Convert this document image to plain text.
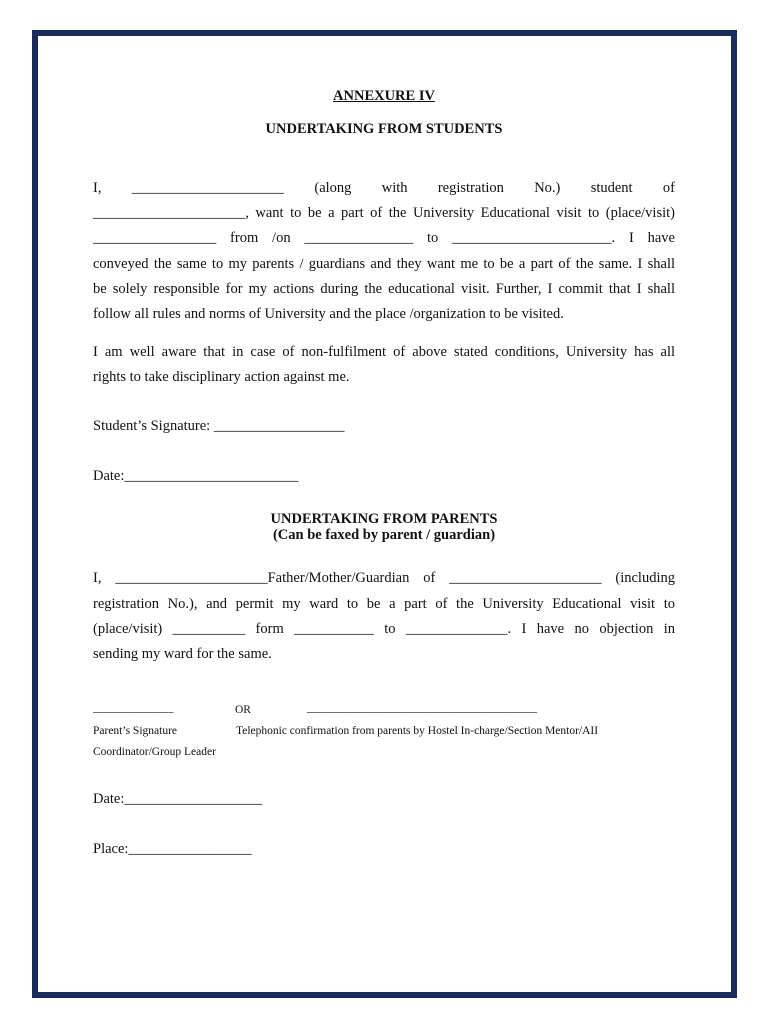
ANNEXURE IV
UNDERTAKING FROM STUDENTS
I, _____________________ (along with registration No.) student of
_____________________, want to be a part of the University Educational visit to (place/visit)
_________________ from /on _______________ to ______________________. I have
conveyed the same to my parents / guardians and they want me to be a part of the same. I shall
be solely responsible for my actions during the educational visit. Further, I commit that I shall
follow all rules and norms of University and the place /organization to be visited.
I am well aware that in case of non-fulfilment of above stated conditions, University has all
rights to take disciplinary action against me.
Student’s Signature: __________________
Date:________________________
UNDERTAKING FROM PARENTS
(Can be faxed by parent / guardian)
I, _____________________Father/Mother/Guardian of _____________________ (including
registration No.), and permit my ward to be a part of the University Educational visit to
(place/visit) __________ form ___________ to ______________. I have no objection in
sending my ward for the same.
______________	OR	________________________________________
Parent’s Signature	Telephonic confirmation from parents by Hostel In-charge/Section Mentor/AII
Coordinator/Group Leader
Date:___________________
Place:_________________
